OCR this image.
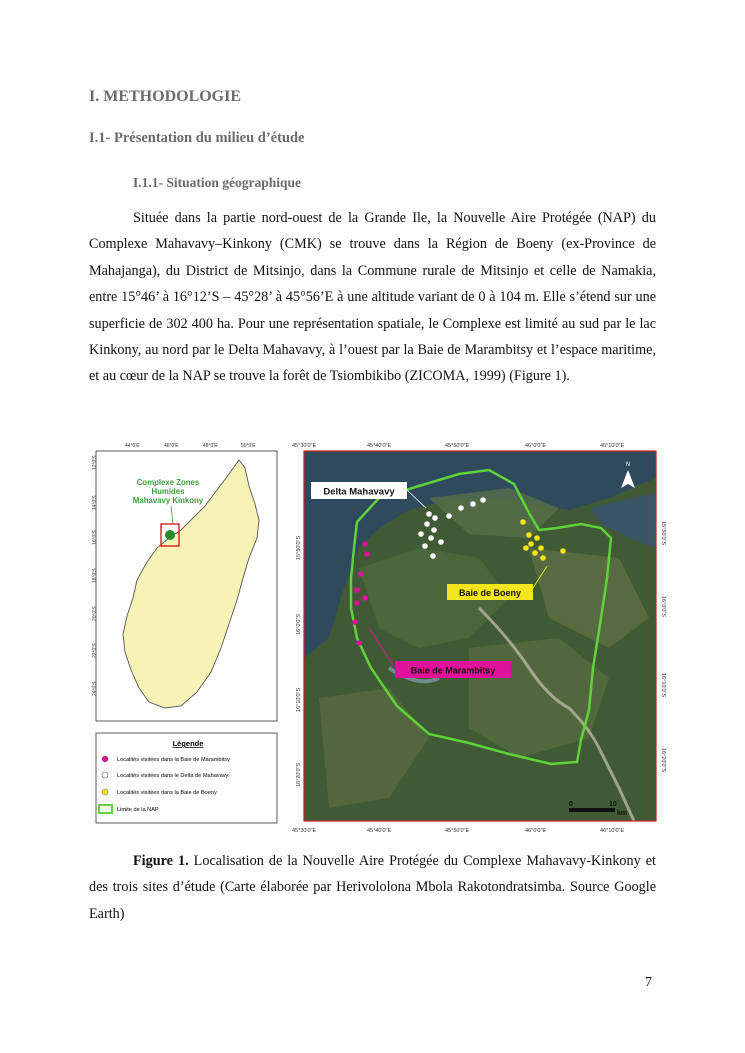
I. METHODOLOGIE
I.1- Présentation du milieu d’étude
I.1.1- Situation géographique

Située dans la partie nord-ouest de la Grande Ile, la Nouvelle Aire Protégée (NAP) du Complexe Mahavavy–Kinkony (CMK) se trouve dans la Région de Boeny (ex-Province de Mahajanga), du District de Mitsinjo, dans la Commune rurale de Mitsinjo et celle de Namakia, entre 15°46’ à 16°12’S – 45°28’ à 45°56’E à une altitude variant de 0 à 104 m. Elle s’étend sur une superficie de 302 400 ha. Pour une représentation spatiale, le Complexe est limité au sud par le lac Kinkony, au nord par le Delta Mahavavy, à l’ouest par la Baie de Marambitsy et l’espace maritime, et au cœur de la NAP se trouve la forêt de Tsiombikibo (ZICOMA, 1999) (Figure 1).

44°0'E	46°0'E	48°0'E	50°0'E
12°0'S
14°0'S
16°0'S
18°0'S
20°0'S
22°0'S
24°0'S
Complexe Zones
Humides
Mahavavy Kinkony
Légende
Localités visitées dans la Baie de Marambitsy
Localités visitées dans le Delta de Mahavavy
Localités visitées dans la Baie de Boeny
Limite de la NAP
45°30'0"E	45°40'0"E	45°50'0"E	46°0'0"E	46°10'0"E
45°30'0"E	45°40'0"E	45°50'0"E	46°0'0"E	46°10'0"E
15°50'0"S
16°0'0"S
16°10'0"S
16°20'0"S
15°50'0"S
16°0'0"S
16°10'0"S
16°20'0"S
Delta Mahavavy
Baie de Boeny
Baie de Marambitsy
N
0	10
km

Figure 1. Localisation de la Nouvelle Aire Protégée du Complexe Mahavavy-Kinkony et des trois sites d’étude (Carte élaborée par Herivololona Mbola Rakotondratsimba. Source Google Earth)

7
